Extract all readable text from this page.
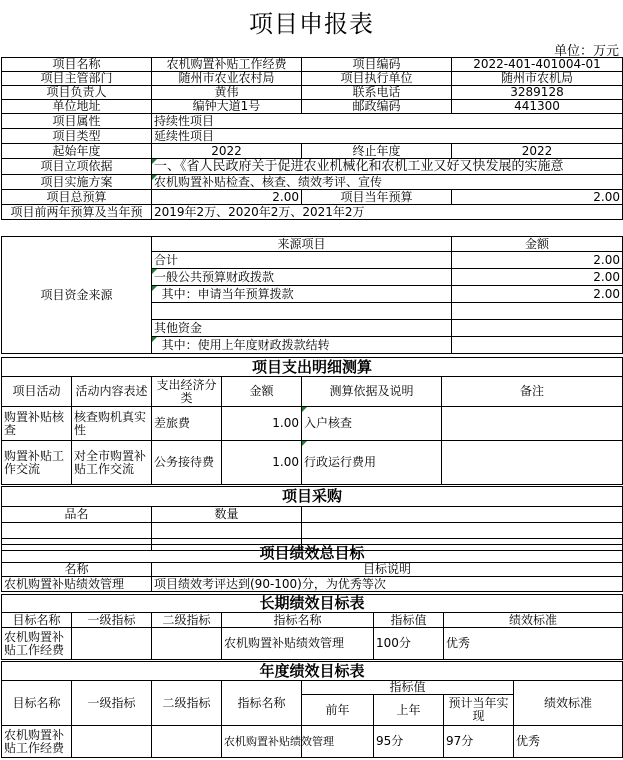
项目申报表
单位：万元
项目名称	农机购置补贴工作经费	项目编码	2022-401-401004-01
项目主管部门	随州市农业农村局	项目执行单位	随州市农机局
项目负责人	黄伟	联系电话	3289128
单位地址	编钟大道1号	邮政编码	441300
项目属性	持续性项目		
项目类型	延续性项目		
起始年度	2022	终止年度	2022
项目立项依据	一、《省人民政府关于促进农业机械化和农机工业又好又快发展的实施意		
项目实施方案	农机购置补贴检查、核查、绩效考评、宣传		
项目总预算	2.00	项目当年预算	2.00
项目前两年预算及当年预	2019年2万、2020年2万、2021年2万		
项目资金来源	来源项目	金额
	合计	2.00
	一般公共预算财政拨款	2.00
	其中：申请当年预算拨款	2.00

	其他资金	
	其中：使用上年度财政拨款结转	
项目支出明细测算					
项目活动	活动内容表述	支出经济分类	金额	测算依据及说明	备注
购置补贴核查	核查购机真实性	差旅费	1.00	入户核查	
购置补贴工作交流	对全市购置补贴工作交流	公务接待费	1.00	行政运行费用	
项目采购		
品名	数量	

项目绩效总目标	
名称	目标说明
农机购置补贴绩效管理	项目绩效考评达到(90-100)分，为优秀等次
长期绩效目标表					
目标名称	一级指标	二级指标	指标名称	指标值	绩效标准
农机购置补贴工作经费			农机购置补贴绩效管理	100分	优秀
年度绩效目标表							
目标名称	一级指标	二级指标	指标名称	指标值			绩效标准
				前年	上年	预计当年实现	
农机购置补贴工作经费			农机购置补贴绩效管理		95分	97分	优秀
